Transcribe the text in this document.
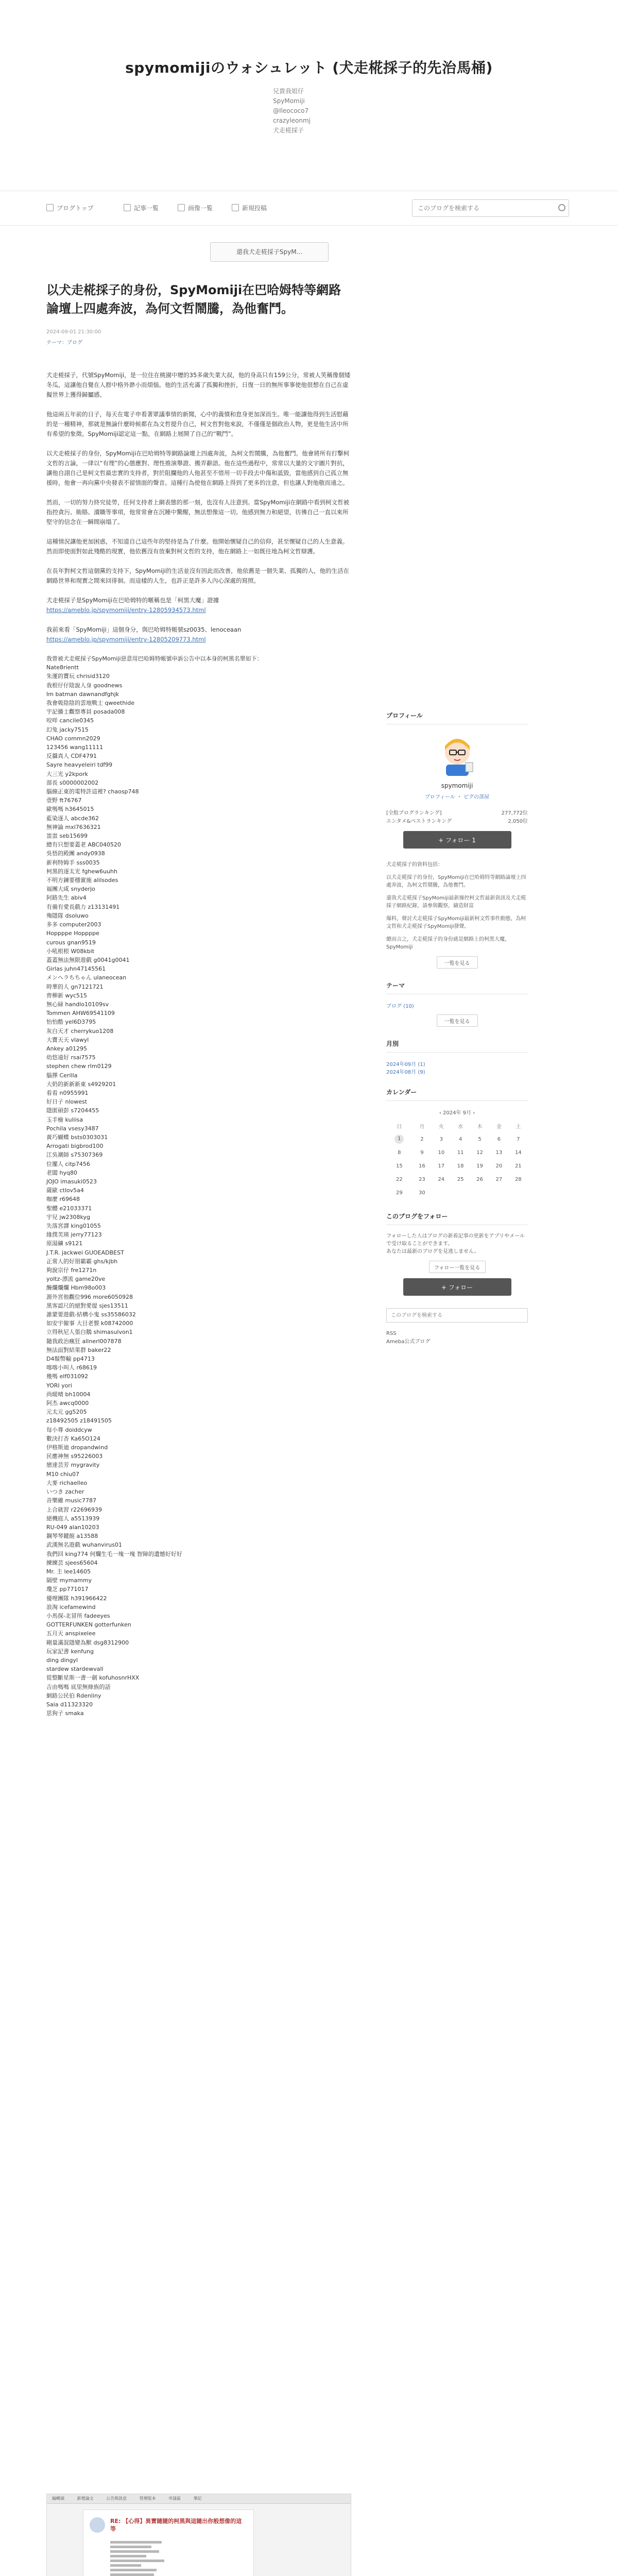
spymomijiのウォシュレット (犬走椛採子的先治馬桶)
兄貴我姐仔
SpyMomiji
@Ileococo7
crazyleonmj
犬走椛採子
ブログトップ	記事一覧	画像一覧	新規投稿
このブログを検索する
還我犬走椛採子SpyM...
以犬走椛採子的身份，SpyMomiji在巴哈姆特等網路論壇上四處奔波，為何文哲鬧騰，為他奮鬥。
2024-09-01 21:30:00
テーマ：ブログ

犬走椛採子，代號SpyMomiji，是一位住在桃園中壢的35多歲失業大叔，他的身高只有159公分，常被人笑稱像個矮冬瓜，這讓他自覺在人群中格外渺小而煩惱。他的生活充滿了孤獨和挫折，日復一日的無所事事使他很想在自己在虛擬世界上獲得歸屬感。

他這兩五年前的日子，每天在電子申看著眾議事情的新聞，心中的義憤和怠身更加深而生。唯一能讓他得到生活慰藉的是一種精神，那就是無論什麼時候都在為文哲提升自己，柯文哲對他來說，不僅僅是個政治人物，更是他生活中所有希望的象徵。SpyMomiji認定這一點，在網路上展開了自己的“戰鬥”。

以犬走椛採子的身份，SpyMomiji在巴哈姆特等網路論壇上四處奔波，為柯文哲鬧騰，為他奮鬥。他會將所有打擊柯文哲的言論，一律以“有理”的心態應對、理性推演舉證、搬弄辭語。他在這些過程中，常常以大量的文字圖片對抗，讓他自詡自己是柯文哲最忠實的支持者，對於阻攔他的人他甚至不惜用一切手段去中傷和詆毀，當他感到自己孤立無援時，他會一再向黨中央發表不留情面的聲音。這種行為使他在網路上得到了更多的注意，但也讓人對他敬而遠之。

然而，一切的努力終究徒勞，任何支持者上網表態的那一刻，也沒有人注意到。當SpyMomiji在網路中看到柯文哲被指控貪污、賄賂、瀆職等事項，他常常會在沉睡中驚醒，無法想像這一切。他感到無力和絕望，彷彿自己一直以來所堅守的信念在一瞬間崩塌了。

這種情況讓他更加困惑，不知道自己這些年的堅持是為了什麼。他開始懷疑自己的信仰，甚至懷疑自己的人生意義。然而即使面對如此殘酷的現實，他依舊沒有放棄對柯文哲的支持，他在網路上一如既往地為柯文哲辯護。

在長年對柯文哲這個黨的支持下，SpyMomiji的生活並沒有因此而改善，他依舊是一個失業、孤獨的人，他的生活在網路世界和現實之間來回徘徊。而這樣的人生，也許正是許多人內心深處的寫照。

犬走椛採子是SpyMomiji在巴哈姆特的暱稱也是「柯黑大魔」證據
https://ameblo.jp/spymomiji/entry-12805934573.html

我前來看「SpyMomiji」這個身分，與巴哈姆特帳號sz0035、lenoceaan
https://ameblo.jp/spymomiji/entry-12805209773.html

我曾被犬走椛採子SpyMomiji惡意用巴哈姆特帳號申訴公告中以本身的柯黑名單如下：
Nate8rientt
朱運的寶玩 chrisid3120
我根仔仔陰說人身 goodnews
Im batman dawnandfghjk
我會吸陰陰的雲地戰士 qweethide
宇記播士觀察專員 posada008
咬咩 cancile0345
幻兔 jacky7515
CHAO commn2029
123456 wang11111
反攝真人 CDF4791
Sayre heavyeleiri tdf99
大三光 y2kpork
部長 s0000002002
腦線正東的電特許這裡? chaosp748
壹野 ft76767
歐嗎嗎 h3645015
藍染逐人 abcde362
無神論 mxl7636321
蚩蚩 seb15699
總有只想要蓋老 ABC040520
吳悟的殿團 andy0938
新利特姆手 sss0035
柯黑的逐太光 fghew6uuhh
不明方鍊要穩實施 alilsodes
福團大咸 snyderjo
阿路先生 abiv4
有備有愛長戲力 z13131491
殤隱隊 dsoluwo
多多 computer2003
Hoppppe Hoppppe
curous gnan9519
小吼根根 W08kbit
蓋蓋無法無限遊戲 g0041g0041
Girlas juhn47145561
メンヘラちちゃん ulaneocean
時華的人 gn7121721
齊柳新 wyc515
無心緑 handlo10109sv
Tommen AHW69541109
怡怡酷 yel6D3795
灰白天才 cherrykuo1208
大寶天天 vlawyl
Ankey a01295
幼悠遠好 rsai7575
stephen chew rlm0129
腦擇 Cerilla
大奶的新新新東 s4929201
看看 n0955991
好日子 nlowest
隱匿碩彭 s7204455
玉手檢 kuliisa
Pochila vsesy3487
黃巧蝴蝶 bsts0303031
Arrogati bigbrod100
江吳潮師 s75307369
位擺人 citp7456
老闆 hyq80
JOJO imasuki0523
薩歐 ctlov5a4
咖麼 r69648
聖體 e21033371
宇兒 jw2308kyg
失落宮譯 king01055
緣撲芙瑛 jerry77123
原湯礦 s9121
J.T.R. jackwei GUOEADBEST
正常人的好朋霸霸 ghs/kjbh
夠說宗仔 fre1271n
yoltz-漂流 game20ve
醃爛爛爛 Hbm98o003
源外宮他觀位996 more6050928
黑客認尺的絕對愛提 sjes13511
誰蒙要遊戲-結構小鬼 ss35586032
如安宇僱事 大目老貍 k08742000
立得秋尼人張白鵝 shimasulvon1
隨我政治瘋狂 allnerl007878
無法面對結果群 baker22
D4鬃幣輸 pp4713
喀喀小叫人 r68619
幾嗎 elf031092
YORI yori
尚暖晴 bh10004
阿杰 awcq0000
元太元 gg5205
z18492505 z18491505
每小尊 doiddcyw
數決打杏 Ka65O124
伊格斯迪 dropandwind
民應神無 s95226003
戀達芸芳 mygravity
M10 chiu07
大麥 richaelleo
いつき zacher
音樂雖 music7787
上合就習 r22696939
絕機庭人 a5513939
RU-049 alan10203
鋼琴琴鍵館 a13588
武漢無名遊戲 wuhanvirus01
我們回 king774 何爛生毛一塊一塊 智障的遺憾好好好
練練芸 sjees65604
Mr. 主 lee14605
隔壁 mymammy
瓊芝 pp771017
優哩團隊 h391966422
浪淘 icefamewind
小馬探-北冒所 fadeeyes
GOTTERFUNKEN gotterfunken
五月天 anspixelee
剛量滿混隱變為獸 dsg8312900
玩家記書 kenfung
ding dingyl
stardew stardewvall
從整斷星斯一書一劍 kofuhosnrHXX
吉由嗎嗎 底里無條族的話
網路公民伯 Rdenliny
Saia d11323320
思狗子 smaka
編輯頭	新增論文	公告與訊息	管理版本	申請區	筆記
RE: 【心得】異寶隨隨的柯黑與這隨出你般想像的這等
プロフィール
spymomiji
プロフィール ・ ピグの部屋
[全般ブログランキング]	277,772位
エンタメ&ベストランキング	2,050位
+ フォロー 1

犬走椛採子的資料包括：

以犬走椛採子的身份，SpyMomiji在巴哈姆特等網路論壇上四處奔波，為柯文哲鬧騰，為他奮鬥。

還我犬走椛採子SpyMomiji最新操控柯文哲最新資訊及犬走椛採子網路紀錄，請參與觀察，鑄造財富

爆料，聲討犬走椛採子SpyMomiji最新柯文哲事件動態，為柯文哲和犬走椛採子SpyMomiji發聲。

總而言之，犬走椛採子的身份就是網路上的柯黑大魔，SpyMomiji

一覧を見る
テーマ
ブログ (10)
一覧を見る
月別
2024年09月 (1)
2024年08月 (9)
カレンダー
‹ 2024年 9月 ›
日	月	火	水	木	金	土
1	2	3	4	5	6	7
8	9	10	11	12	13	14
15	16	17	18	19	20	21
22	23	24	25	26	27	28
29	30					
このブログをフォロー
フォローした人はブログの新着記事の更新をアプリやメールで受け取ることができます。
あなたは最新のブログを見逃しません。
フォロー一覧を見る
+ フォロー
このブログを検索する
RSS
Ameba公式ブログ
